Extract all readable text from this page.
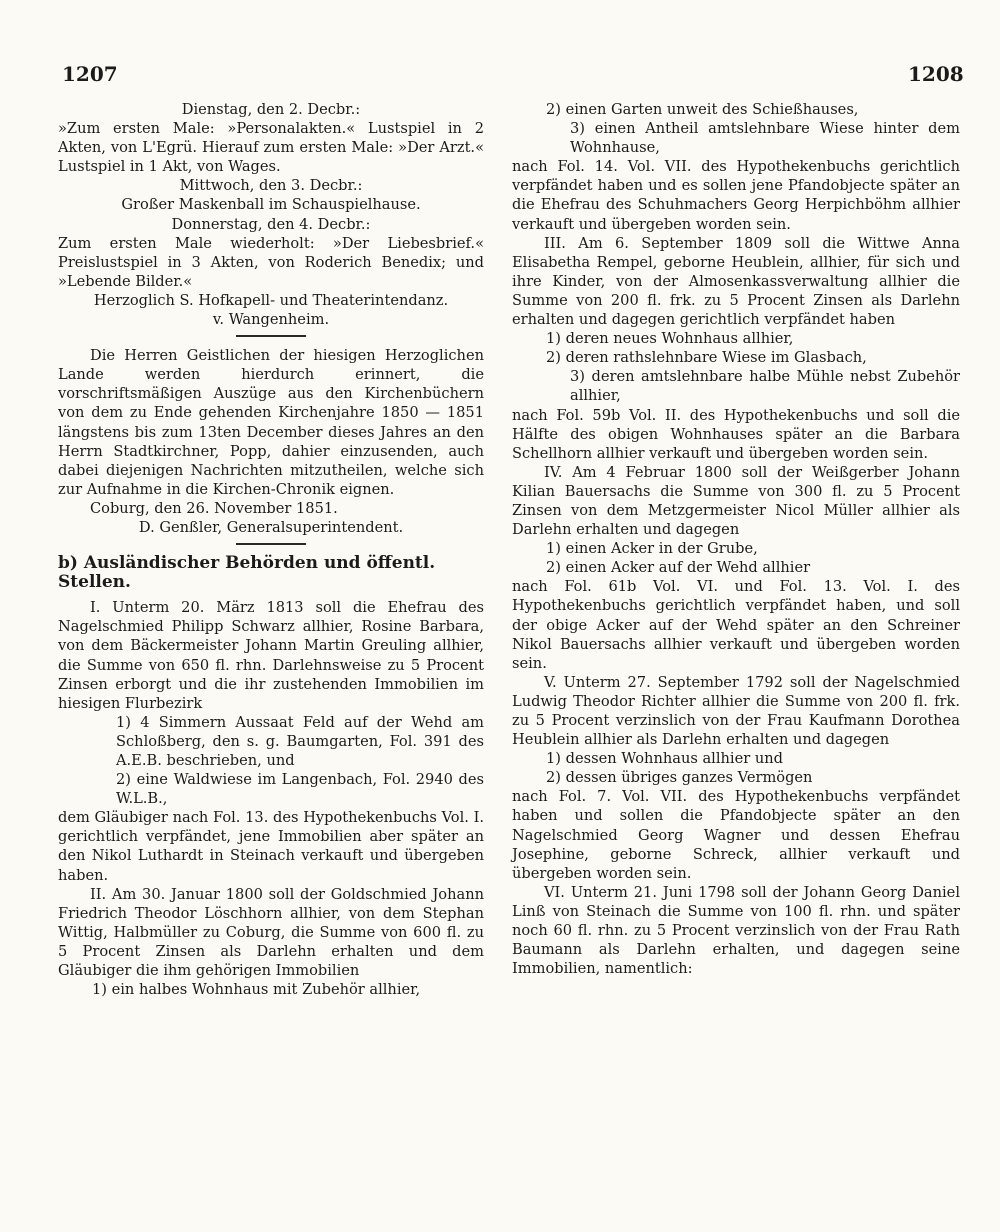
1207	1208

Dienstag, den 2. Decbr.:

»Zum ersten Male: »Personalakten.« Lustspiel in 2 Akten, von L'Egrü. Hierauf zum ersten Male: »Der Arzt.« Lustspiel in 1 Akt, von Wages.

Mittwoch, den 3. Decbr.:

Großer Maskenball im Schauspielhause.

Donnerstag, den 4. Decbr.:

Zum ersten Male wiederholt: »Der Liebesbrief.« Preislustspiel in 3 Akten, von Roderich Benedix; und »Lebende Bilder.«

Herzoglich S. Hofkapell- und Theaterintendanz.

v. Wangenheim.

Die Herren Geistlichen der hiesigen Herzoglichen Lande werden hierdurch erinnert, die vorschriftsmäßigen Auszüge aus den Kirchenbüchern von dem zu Ende gehenden Kirchenjahre 1850 — 1851 längstens bis zum 13ten December dieses Jahres an den Herrn Stadtkirchner, Popp, dahier einzusenden, auch dabei diejenigen Nachrichten mitzutheilen, welche sich zur Aufnahme in die Kirchen-Chronik eignen.

Coburg, den 26. November 1851.

D. Genßler, Generalsuperintendent.

b) Ausländischer Behörden und öffentl. Stellen.

I. Unterm 20. März 1813 soll die Ehefrau des Nagelschmied Philipp Schwarz allhier, Rosine Barbara, von dem Bäckermeister Johann Martin Greuling allhier, die Summe von 650 fl. rhn. Darlehnsweise zu 5 Procent Zinsen erborgt und die ihr zustehenden Immobilien im hiesigen Flurbezirk

1) 4 Simmern Aussaat Feld auf der Wehd am Schloßberg, den s. g. Baumgarten, Fol. 391 des A.E.B. beschrieben, und

2) eine Waldwiese im Langenbach, Fol. 2940 des W.L.B.,

dem Gläubiger nach Fol. 13. des Hypothekenbuchs Vol. I. gerichtlich verpfändet, jene Immobilien aber später an den Nikol Luthardt in Steinach verkauft und übergeben haben.

II. Am 30. Januar 1800 soll der Goldschmied Johann Friedrich Theodor Löschhorn allhier, von dem Stephan Wittig, Halbmüller zu Coburg, die Summe von 600 fl. zu 5 Procent Zinsen als Darlehn erhalten und dem Gläubiger die ihm gehörigen Immobilien

1) ein halbes Wohnhaus mit Zubehör allhier,

2) einen Garten unweit des Schießhauses,

3) einen Antheil amtslehnbare Wiese hinter dem Wohnhause,

nach Fol. 14. Vol. VII. des Hypothekenbuchs gerichtlich verpfändet haben und es sollen jene Pfandobjecte später an die Ehefrau des Schuhmachers Georg Herpichböhm allhier verkauft und übergeben worden sein.

III. Am 6. September 1809 soll die Wittwe Anna Elisabetha Rempel, geborne Heublein, allhier, für sich und ihre Kinder, von der Almosenkassverwaltung allhier die Summe von 200 fl. frk. zu 5 Procent Zinsen als Darlehn erhalten und dagegen gerichtlich verpfändet haben

1) deren neues Wohnhaus allhier,

2) deren rathslehnbare Wiese im Glasbach,

3) deren amtslehnbare halbe Mühle nebst Zubehör allhier,

nach Fol. 59b Vol. II. des Hypothekenbuchs und soll die Hälfte des obigen Wohnhauses später an die Barbara Schellhorn allhier verkauft und übergeben worden sein.

IV. Am 4 Februar 1800 soll der Weißgerber Johann Kilian Bauersachs die Summe von 300 fl. zu 5 Procent Zinsen von dem Metzgermeister Nicol Müller allhier als Darlehn erhalten und dagegen

1) einen Acker in der Grube,

2) einen Acker auf der Wehd allhier

nach Fol. 61b Vol. VI. und Fol. 13. Vol. I. des Hypothekenbuchs gerichtlich verpfändet haben, und soll der obige Acker auf der Wehd später an den Schreiner Nikol Bauersachs allhier verkauft und übergeben worden sein.

V. Unterm 27. September 1792 soll der Nagelschmied Ludwig Theodor Richter allhier die Summe von 200 fl. frk. zu 5 Procent verzinslich von der Frau Kaufmann Dorothea Heublein allhier als Darlehn erhalten und dagegen

1) dessen Wohnhaus allhier und

2) dessen übriges ganzes Vermögen

nach Fol. 7. Vol. VII. des Hypothekenbuchs verpfändet haben und sollen die Pfandobjecte später an den Nagelschmied Georg Wagner und dessen Ehefrau Josephine, geborne Schreck, allhier verkauft und übergeben worden sein.

VI. Unterm 21. Juni 1798 soll der Johann Georg Daniel Linß von Steinach die Summe von 100 fl. rhn. und später noch 60 fl. rhn. zu 5 Procent verzinslich von der Frau Rath Baumann als Darlehn erhalten, und dagegen seine Immobilien, namentlich:
